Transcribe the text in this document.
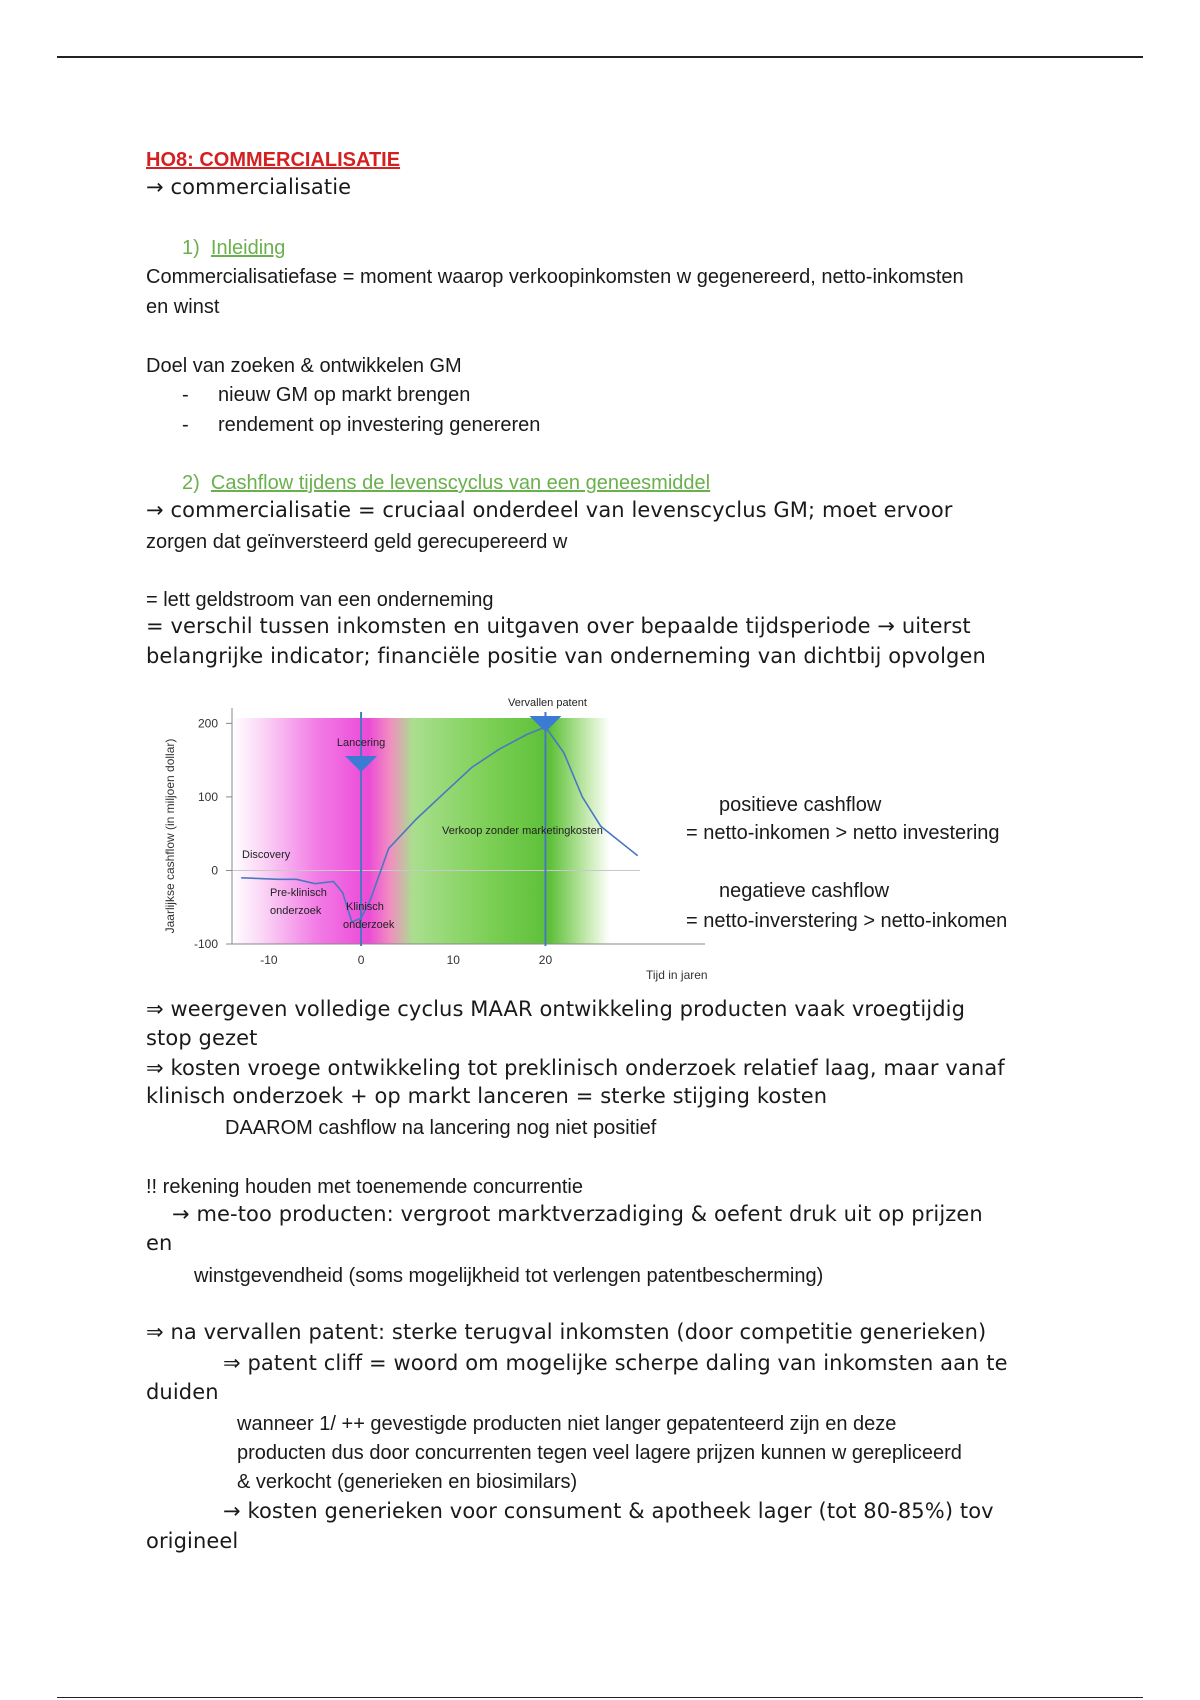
HO8: COMMERCIALISATIE
→ commercialisatie
1) Inleiding
Commercialisatiefase = moment waarop verkoopinkomsten w gegenereerd, netto-inkomsten
en winst
Doel van zoeken & ontwikkelen GM
- nieuw GM op markt brengen
- rendement op investering genereren
2) Cashflow tijdens de levenscyclus van een geneesmiddel
→ commercialisatie = cruciaal onderdeel van levenscyclus GM; moet ervoor
zorgen dat geïnversteerd geld gerecupereerd w
= lett geldstroom van een onderneming
= verschil tussen inkomsten en uitgaven over bepaalde tijdsperiode → uiterst
belangrijke indicator; financiële positie van onderneming van dichtbij opvolgen
200
100
0
-100
-10	0	10	20
Lancering
Vervallen patent
Discovery
Pre-klinisch
onderzoek Klinisch
onderzoek
Verkoop zonder marketingkosten
Jaarlijkse cashflow (in miljoen dollar)
Tijd in jaren
positieve cashflow
= netto-inkomen > netto investering
negatieve cashflow
= netto-inverstering > netto-inkomen
⇒ weergeven volledige cyclus MAAR ontwikkeling producten vaak vroegtijdig
stop gezet
⇒ kosten vroege ontwikkeling tot preklinisch onderzoek relatief laag, maar vanaf
klinisch onderzoek + op markt lanceren = sterke stijging kosten
DAAROM cashflow na lancering nog niet positief
!! rekening houden met toenemende concurrentie
→ me-too producten: vergroot marktverzadiging & oefent druk uit op prijzen
en
winstgevendheid (soms mogelijkheid tot verlengen patentbescherming)
⇒ na vervallen patent: sterke terugval inkomsten (door competitie generieken)
⇒ patent cliff = woord om mogelijke scherpe daling van inkomsten aan te
duiden
wanneer 1/ ++ gevestigde producten niet langer gepatenteerd zijn en deze
producten dus door concurrenten tegen veel lagere prijzen kunnen w gerepliceerd
& verkocht (generieken en biosimilars)
→ kosten generieken voor consument & apotheek lager (tot 80-85%) tov
origineel
